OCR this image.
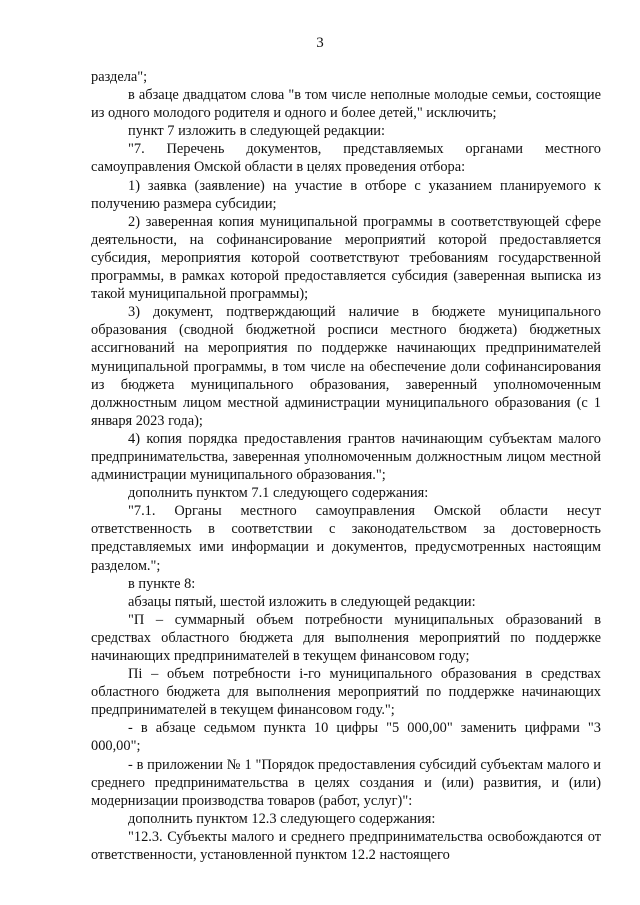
3

раздела";

в абзаце двадцатом слова "в том числе неполные молодые семьи, состоящие из одного молодого родителя и одного и более детей," исключить;

пункт 7 изложить в следующей редакции:

"7. Перечень документов, представляемых органами местного самоуправления Омской области в целях проведения отбора:

1) заявка (заявление) на участие в отборе с указанием планируемого к получению размера субсидии;

2) заверенная копия муниципальной программы в соответствующей сфере деятельности, на софинансирование мероприятий которой предоставляется субсидия, мероприятия которой соответствуют требованиям государственной программы, в рамках которой предоставляется субсидия (заверенная выписка из такой муниципальной программы);

3) документ, подтверждающий наличие в бюджете муниципального образования (сводной бюджетной росписи местного бюджета) бюджетных ассигнований на мероприятия по поддержке начинающих предпринимателей муниципальной программы, в том числе на обеспечение доли софинансирования из бюджета муниципального образования, заверенный уполномоченным должностным лицом местной администрации муниципального образования (с 1 января 2023 года);

4) копия порядка предоставления грантов начинающим субъектам малого предпринимательства, заверенная уполномоченным должностным лицом местной администрации муниципального образования.";

дополнить пунктом 7.1 следующего содержания:

"7.1. Органы местного самоуправления Омской области несут ответственность в соответствии с законодательством за достоверность представляемых ими информации и документов, предусмотренных настоящим разделом.";

в пункте 8:

абзацы пятый, шестой изложить в следующей редакции:

"П – суммарный объем потребности муниципальных образований в средствах областного бюджета для выполнения мероприятий по поддержке начинающих предпринимателей в текущем финансовом году;

Пi – объем потребности i-го муниципального образования в средствах областного бюджета для выполнения мероприятий по поддержке начинающих предпринимателей в текущем финансовом году.";

- в абзаце седьмом пункта 10 цифры "5 000,00" заменить цифрами "3 000,00";

- в приложении № 1 "Порядок предоставления субсидий субъектам малого и среднего предпринимательства в целях создания и (или) развития, и (или) модернизации производства товаров (работ, услуг)":

дополнить пунктом 12.3 следующего содержания:

"12.3. Субъекты малого и среднего предпринимательства освобождаются от ответственности, установленной пунктом 12.2 настоящего
